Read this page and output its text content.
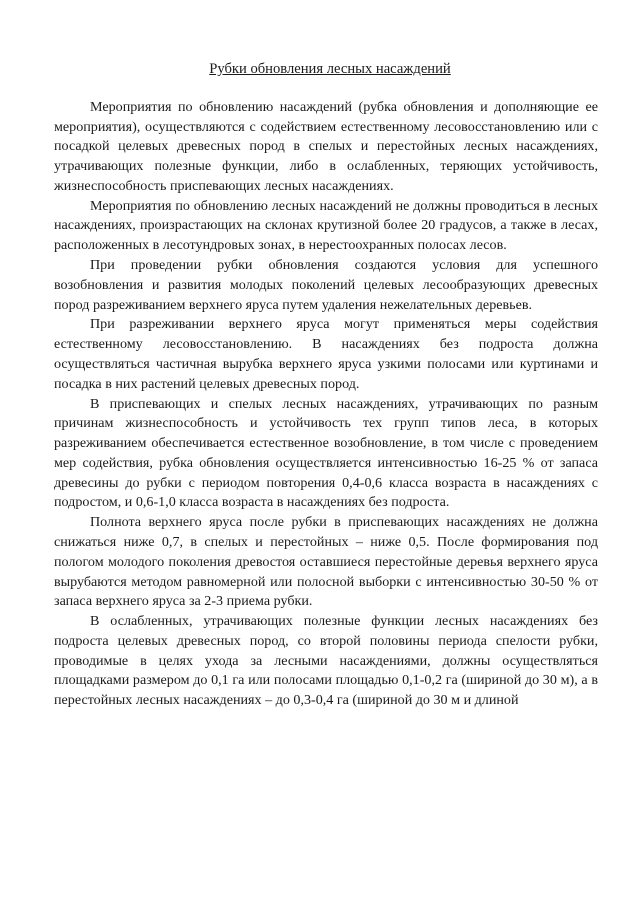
Рубки обновления лесных насаждений

Мероприятия по обновлению насаждений (рубка обновления и дополняющие ее мероприятия), осуществляются с содействием естественному лесовосстановлению или с посадкой целевых древесных пород в спелых и перестойных лесных насаждениях, утрачивающих полезные функции, либо в ослабленных, теряющих устойчивость, жизнеспособность приспевающих лесных насаждениях.

Мероприятия по обновлению лесных насаждений не должны проводиться в лесных насаждениях, произрастающих на склонах крутизной более 20 градусов, а также в лесах, расположенных в лесотундровых зонах, в нерестоохранных полосах лесов.

При проведении рубки обновления создаются условия для успешного возобновления и развития молодых поколений целевых лесообразующих древесных пород разреживанием верхнего яруса путем удаления нежелательных деревьев.

При разреживании верхнего яруса могут применяться меры содействия естественному лесовосстановлению. В насаждениях без подроста должна осуществляться частичная вырубка верхнего яруса узкими полосами или куртинами и посадка в них растений целевых древесных пород.

В приспевающих и спелых лесных насаждениях, утрачивающих по разным причинам жизнеспособность и устойчивость тех групп типов леса, в которых разреживанием обеспечивается естественное возобновление, в том числе с проведением мер содействия, рубка обновления осуществляется интенсивностью 16-25 % от запаса древесины до рубки с периодом повторения 0,4-0,6 класса возраста в насаждениях с подростом, и 0,6-1,0 класса возраста в насаждениях без подроста.

Полнота верхнего яруса после рубки в приспевающих насаждениях не должна снижаться ниже 0,7, в спелых и перестойных – ниже 0,5. После формирования под пологом молодого поколения древостоя оставшиеся перестойные деревья верхнего яруса вырубаются методом равномерной или полосной выборки с интенсивностью 30-50 % от запаса верхнего яруса за 2-3 приема рубки.

В ослабленных, утрачивающих полезные функции лесных насаждениях без подроста целевых древесных пород, со второй половины периода спелости рубки, проводимые в целях ухода за лесными насаждениями, должны осуществляться площадками размером до 0,1 га или полосами площадью 0,1-0,2 га (шириной до 30 м), а в перестойных лесных насаждениях – до 0,3-0,4 га (шириной до 30 м и длиной
